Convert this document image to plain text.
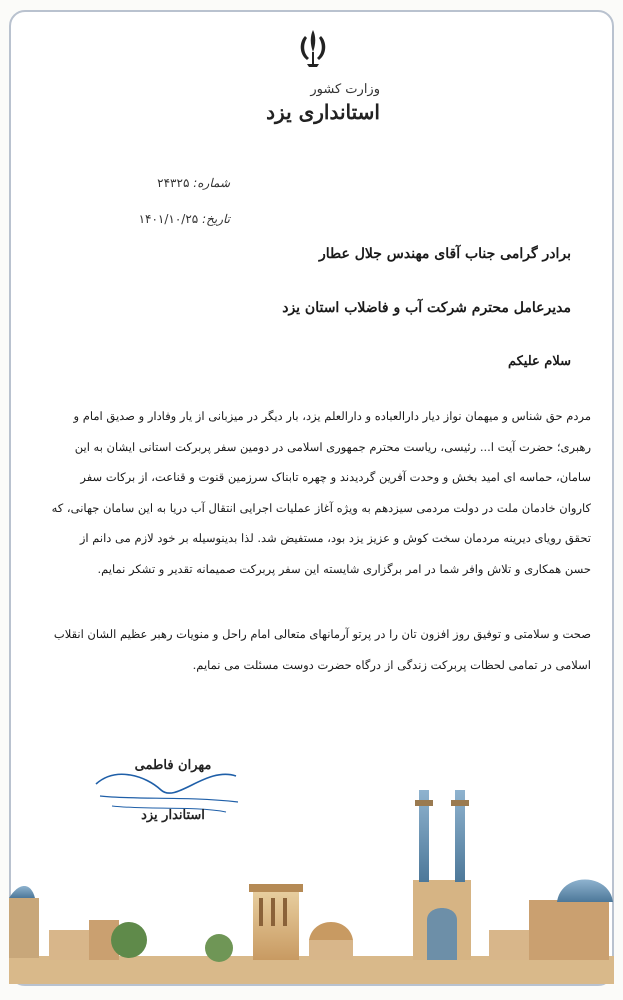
وزارت کشور
استانداری یزد
شماره: ۲۴۳۲۵
تاریخ: ۱۴۰۱/۱۰/۲۵
برادر گرامی جناب آقای مهندس جلال عطار
مدیرعامل محترم شرکت آب و فاضلاب استان یزد
سلام علیکم
مردم حق شناس و میهمان نواز دیار دارالعباده و دارالعلم یزد، بار دیگر در میزبانی از یار وفادار و صدیق امام و رهبری؛ حضرت آیت ا... رئیسی، ریاست محترم جمهوری اسلامی در دومین سفر پربرکت استانی ایشان به این سامان، حماسه ای امید بخش و وحدت آفرین گردیدند و چهره تابناک سرزمین قنوت و قناعت، از برکات سفر کاروان خادمان ملت در دولت مردمی سیزدهم به ویژه آغاز عملیات اجرایی انتقال آب دریا به این سامان جهانی، که تحقق رویای دیرینه مردمان سخت کوش و عزیز یزد بود، مستفیض شد. لذا بدینوسیله بر خود لازم می دانم از حسن همکاری و تلاش وافر شما در امر برگزاری شایسته این سفر پربرکت صمیمانه تقدیر و تشکر نمایم.
صحت و سلامتی و توفیق روز افزون تان را در پرتو آرمانهای متعالی امام راحل و منویات رهبر عظیم الشان انقلاب اسلامی در تمامی لحظات پربرکت زندگی از درگاه حضرت دوست مسئلت می نمایم.
مهران فاطمی
استاندار یزد
